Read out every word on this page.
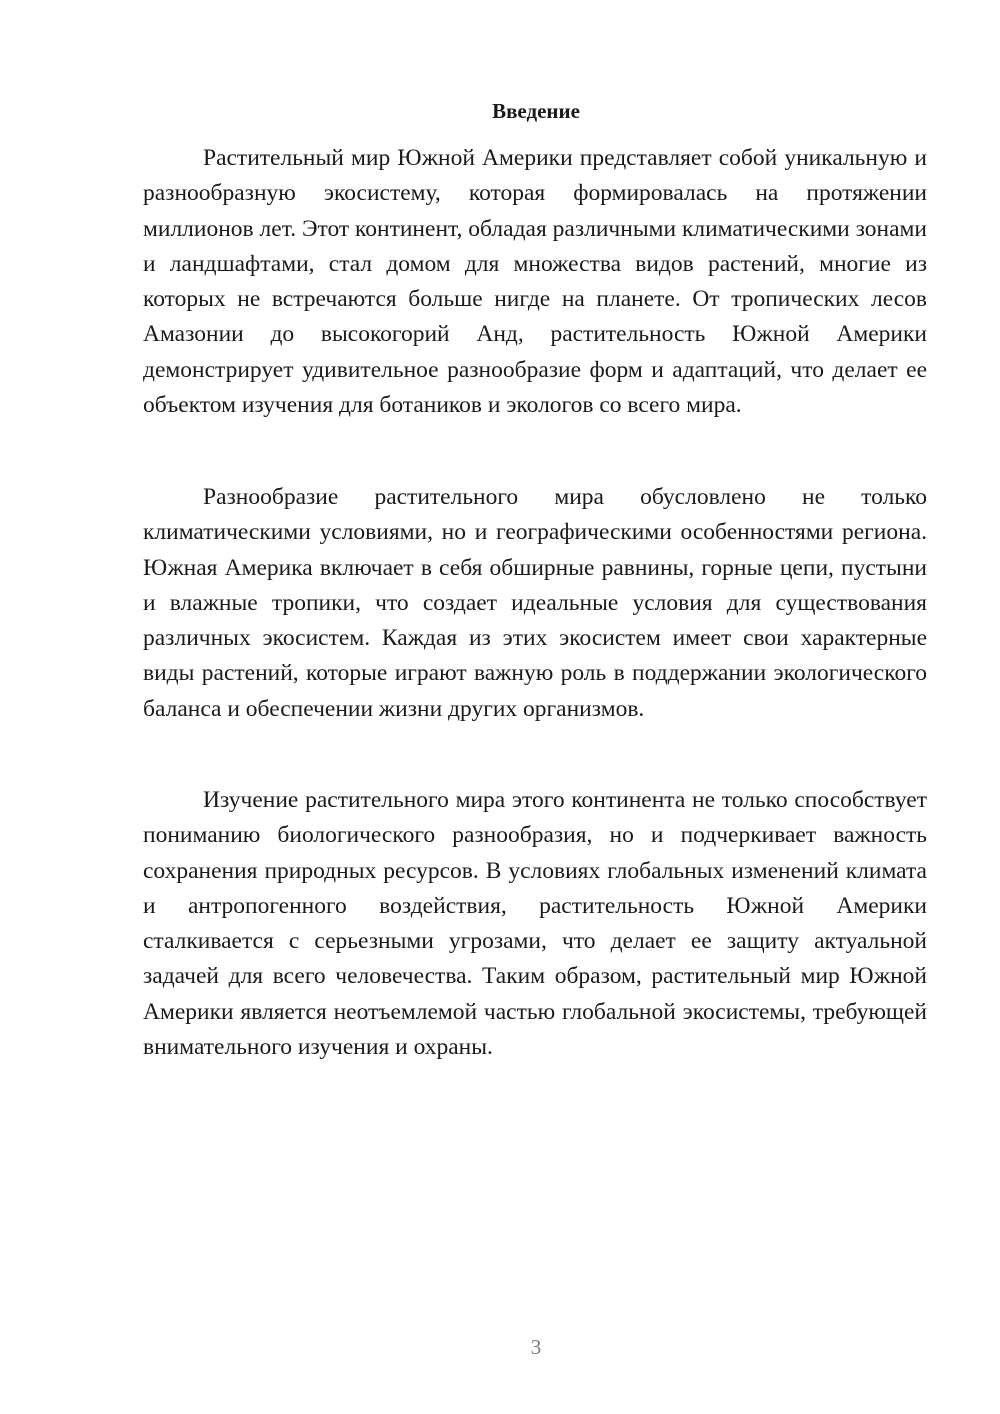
Введение

Растительный мир Южной Америки представляет собой уникальную и разнообразную экосистему, которая формировалась на протяжении миллионов лет. Этот континент, обладая различными климатическими зонами и ландшафтами, стал домом для множества видов растений, многие из которых не встречаются больше нигде на планете. От тропических лесов Амазонии до высокогорий Анд, растительность Южной Америки демонстрирует удивительное разнообразие форм и адаптаций, что делает ее объектом изучения для ботаников и экологов со всего мира.

Разнообразие растительного мира обусловлено не только климатическими условиями, но и географическими особенностями региона. Южная Америка включает в себя обширные равнины, горные цепи, пустыни и влажные тропики, что создает идеальные условия для существования различных экосистем. Каждая из этих экосистем имеет свои характерные виды растений, которые играют важную роль в поддержании экологического баланса и обеспечении жизни других организмов.

Изучение растительного мира этого континента не только способствует пониманию биологического разнообразия, но и подчеркивает важность сохранения природных ресурсов. В условиях глобальных изменений климата и антропогенного воздействия, растительность Южной Америки сталкивается с серьезными угрозами, что делает ее защиту актуальной задачей для всего человечества. Таким образом, растительный мир Южной Америки является неотъемлемой частью глобальной экосистемы, требующей внимательного изучения и охраны.

3
